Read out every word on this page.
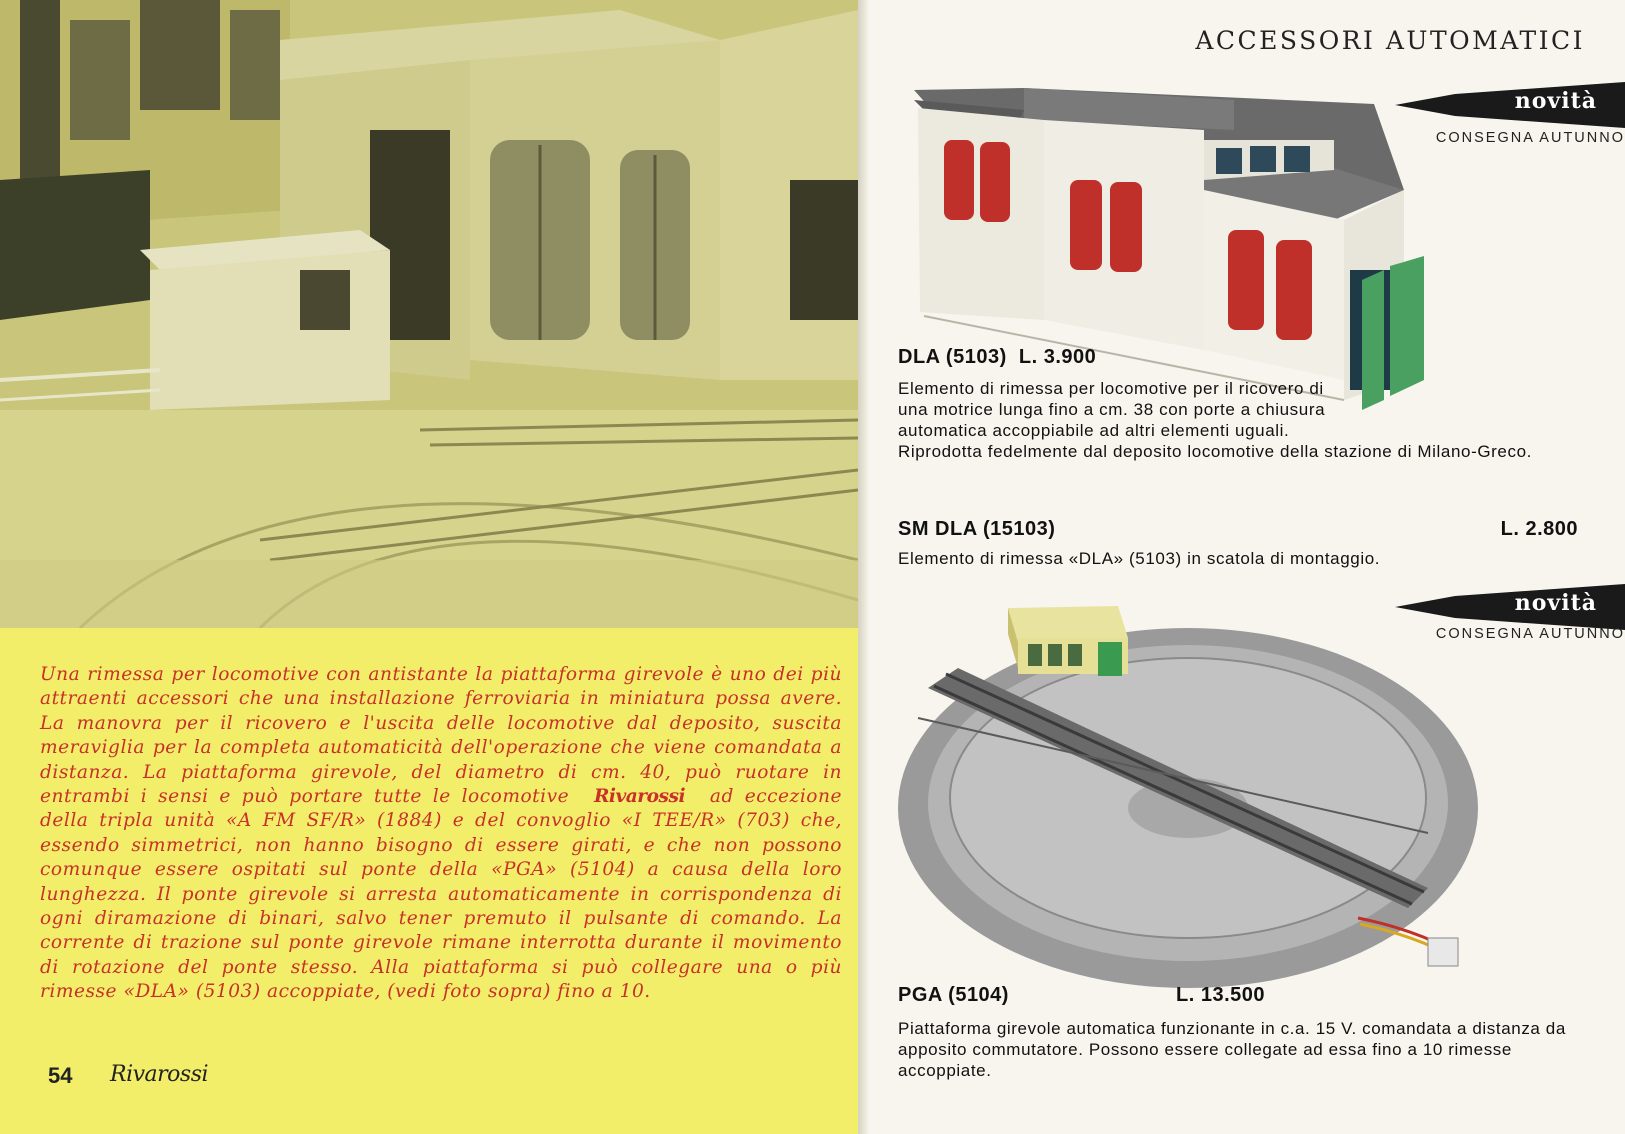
Una rimessa per locomotive con antistante la piattaforma girevole è uno dei più attraenti accessori che una installazione ferroviaria in miniatura possa avere. La manovra per il ricovero e l'uscita delle locomotive dal deposito, suscita meraviglia per la completa automaticità dell'operazione che viene comandata a distanza. La piattaforma girevole, del diametro di cm. 40, può ruotare in entrambi i sensi e può portare tutte le locomotive Rivarossi ad eccezione della tripla unità «A FM SF/R» (1884) e del convoglio «I TEE/R» (703) che, essendo simmetrici, non hanno bisogno di essere girati, e che non possono comunque essere ospitati sul ponte della «PGA» (5104) a causa della loro lunghezza. Il ponte girevole si arresta automaticamente in corrispondenza di ogni diramazione di binari, salvo tener premuto il pulsante di comando. La corrente di trazione sul ponte girevole rimane interrotta durante il movimento di rotazione del ponte stesso. Alla piattaforma si può collegare una o più rimesse «DLA» (5103) accoppiate, (vedi foto sopra) fino a 10.

54 Rivarossi
ACCESSORI AUTOMATICI
novità
CONSEGNA AUTUNNO
DLA (5103) L. 3.900

Elemento di rimessa per locomotive per il ricovero di una motrice lunga fino a cm. 38 con porte a chiusura automatica accoppiabile ad altri elementi uguali. Riprodotta fedelmente dal deposito locomotive della stazione di Milano-Greco.

SM DLA (15103)	L. 2.800

Elemento di rimessa «DLA» (5103) in scatola di montaggio.

novità
CONSEGNA AUTUNNO
PGA (5104)	L. 13.500

Piattaforma girevole automatica funzionante in c.a. 15 V. comandata a distanza da apposito commutatore. Possono essere collegate ad essa fino a 10 rimesse accoppiate.
